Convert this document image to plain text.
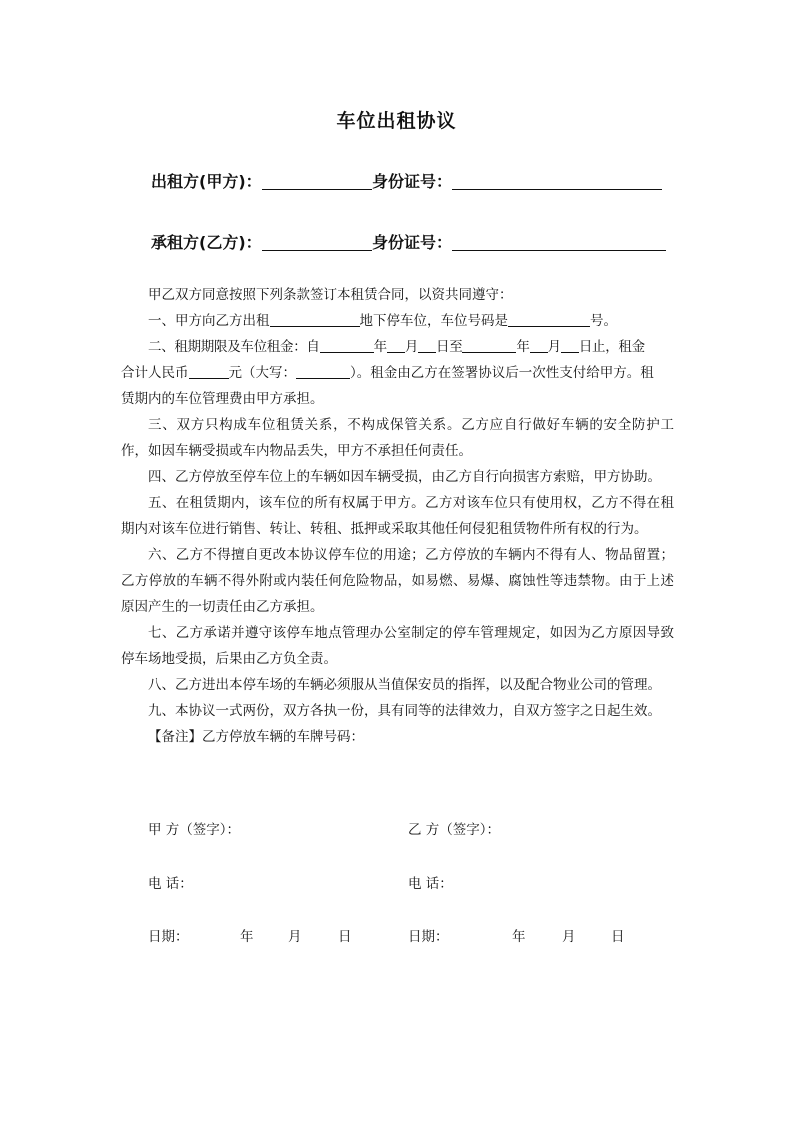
车位出租协议
出租方(甲方)：	身份证号：
承租方(乙方)：	身份证号：

甲乙双方同意按照下列条款签订本租赁合同，以资共同遵守：

一、甲方向乙方出租	地下停车位，车位号码是	号。

二、租期期限及车位租金：自	年 月 日至	年 月 日止，租金

合计人民币	元（大写：	）。租金由乙方在签署协议后一次性支付给甲方。租

赁期内的车位管理费由甲方承担。

三、双方只构成车位租赁关系，不构成保管关系。乙方应自行做好车辆的安全防护工作，如因车辆受损或车内物品丢失，甲方不承担任何责任。

四、乙方停放至停车位上的车辆如因车辆受损，由乙方自行向损害方索赔，甲方协助。

五、在租赁期内，该车位的所有权属于甲方。乙方对该车位只有使用权，乙方不得在租期内对该车位进行销售、转让、转租、抵押或采取其他任何侵犯租赁物件所有权的行为。

六、乙方不得擅自更改本协议停车位的用途；乙方停放的车辆内不得有人、物品留置；乙方停放的车辆不得外附或内装任何危险物品，如易燃、易爆、腐蚀性等违禁物。由于上述原因产生的一切责任由乙方承担。

七、乙方承诺并遵守该停车地点管理办公室制定的停车管理规定，如因为乙方原因导致停车场地受损，后果由乙方负全责。

八、乙方进出本停车场的车辆必须服从当值保安员的指挥，以及配合物业公司的管理。

九、本协议一式两份，双方各执一份，具有同等的法律效力，自双方签字之日起生效。

【备注】乙方停放车辆的车牌号码：

甲 方（签字）：	乙 方（签字）：
电 话：	电 话：
日期：	年	月	日	日期：	年	月	日
